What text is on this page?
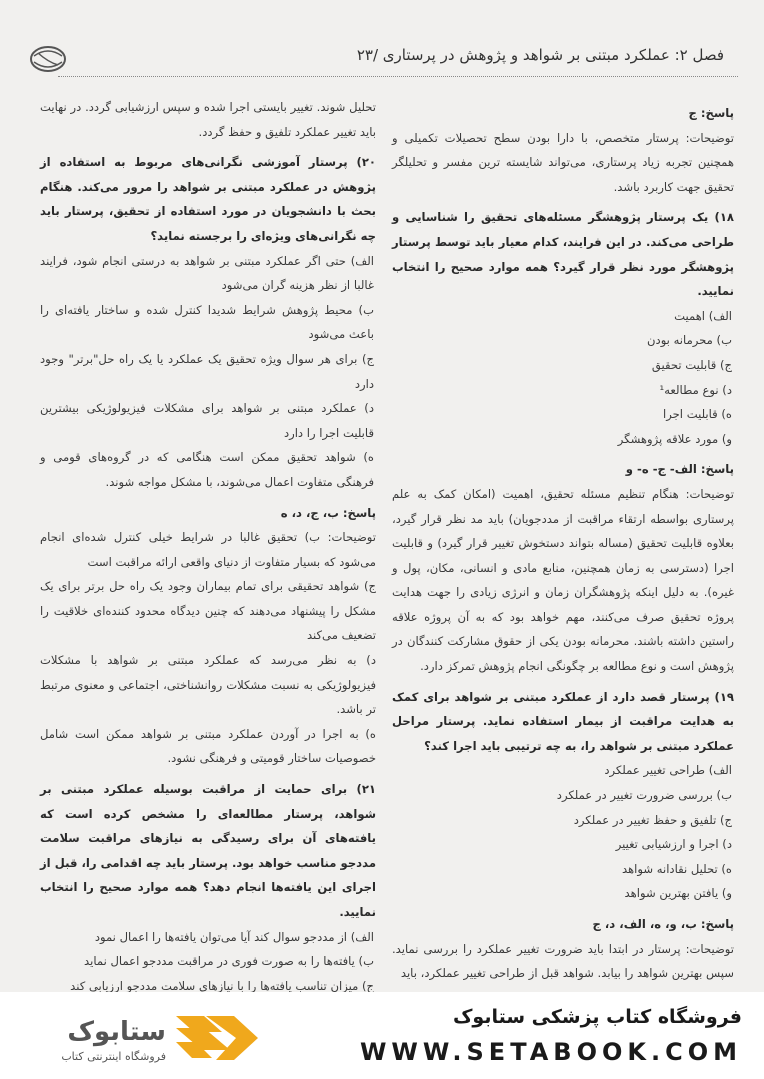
فصل ۲: عملکرد مبتنی بر شواهد و پژوهش در پرستاری /۲۳

پاسخ: ج

توضیحات: پرستار متخصص، با دارا بودن سطح تحصیلات تکمیلی و همچنین تجربه زیاد پرستاری، می‌تواند شایسته ترین مفسر و تحلیلگر تحقیق جهت کاربرد باشد.

۱۸) یک پرستار پژوهشگر مسئله‌های تحقیق را شناسایی و طراحی می‌کند. در این فرایند، کدام معیار باید توسط پرستار پژوهشگر مورد نظر قرار گیرد؟ همه موارد صحیح را انتخاب نمایید.

الف) اهمیت

ب) محرمانه بودن

ج) قابلیت تحقیق

د) نوع مطالعه¹

ه) قابلیت اجرا

و) مورد علاقه پژوهشگر

پاسخ: الف- ج- ه- و

توضیحات: هنگام تنظیم مسئله تحقیق، اهمیت (امکان کمک به علم پرستاری بواسطه ارتقاء مراقبت از مددجویان) باید مد نظر قرار گیرد، بعلاوه قابلیت تحقیق (مساله بتواند دستخوش تغییر قرار گیرد) و قابلیت اجرا (دسترسی به زمان همچنین، منابع مادی و انسانی، مکان، پول و غیره). به دلیل اینکه پژوهشگران زمان و انرژی زیادی را جهت هدایت پروژه تحقیق صرف می‌کنند، مهم خواهد بود که به آن پروژه علاقه راستین داشته باشند. محرمانه بودن یکی از حقوق مشارکت کنندگان در پژوهش است و نوع مطالعه بر چگونگی انجام پژوهش تمرکز دارد.

۱۹) پرستار قصد دارد از عملکرد مبتنی بر شواهد برای کمک به هدایت مراقبت از بیمار استفاده نماید. پرستار مراحل عملکرد مبتنی بر شواهد را، به چه ترتیبی باید اجرا کند؟

الف) طراحی تغییر عملکرد

ب) بررسی ضرورت تغییر در عملکرد

ج) تلفیق و حفظ تغییر در عملکرد

د) اجرا و ارزشیابی تغییر

ه) تحلیل نقادانه شواهد

و) یافتن بهترین شواهد

پاسخ: ب، و، ه، الف، د، ج

توضیحات: پرستار در ابتدا باید ضرورت تغییر عملکرد را بررسی نماید. سپس بهترین شواهد را بیابد. شواهد قبل از طراحی تغییر عملکرد، باید

تحلیل شوند. تغییر بایستی اجرا شده و سپس ارزشیابی گردد. در نهایت باید تغییر عملکرد تلفیق و حفظ گردد.

۲۰) پرستار آموزشی نگرانی‌های مربوط به استفاده از پژوهش در عملکرد مبتنی بر شواهد را مرور می‌کند. هنگام بحث با دانشجویان در مورد استفاده از تحقیق، پرستار باید چه نگرانی‌های ویژه‌ای را برجسته نماید؟

الف) حتی اگر عملکرد مبتنی بر شواهد به درستی انجام شود، فرایند غالبا از نظر هزینه گران می‌شود

ب) محیط پژوهش شرایط شدیدا کنترل شده و ساختار یافته‌ای را باعث می‌شود

ج) برای هر سوال ویژه تحقیق یک عملکرد یا یک راه حل"برتر" وجود دارد

د) عملکرد مبتنی بر شواهد برای مشکلات فیزیولوژیکی بیشترین قابلیت اجرا را دارد

ه) شواهد تحقیق ممکن است هنگامی که در گروه‌های قومی و فرهنگی متفاوت اعمال می‌شوند، با مشکل مواجه شوند.

پاسخ: ب، ج، د، ه

توضیحات: ب) تحقیق غالبا در شرایط خیلی کنترل شده‌ای انجام می‌شود که بسیار متفاوت از دنیای واقعی ارائه مراقبت است

ج) شواهد تحقیقی برای تمام بیماران وجود یک راه حل برتر برای یک مشکل را پیشنهاد می‌دهند که چنین دیدگاه محدود کننده‌ای خلاقیت را تضعیف می‌کند

د) به نظر می‌رسد که عملکرد مبتنی بر شواهد با مشکلات فیزیولوژیکی به نسبت مشکلات روانشناختی، اجتماعی و معنوی مرتبط تر باشد.

ه) به اجرا در آوردن عملکرد مبتنی بر شواهد ممکن است شامل خصوصیات ساختار قومیتی و فرهنگی نشود.

۲۱) برای حمایت از مراقبت بوسیله عملکرد مبتنی بر شواهد، پرستار مطالعه‌ای را مشخص کرده است که یافته‌های آن برای رسیدگی به نیازهای مراقبت سلامت مددجو مناسب خواهد بود. پرستار باید چه اقدامی را، قبل از اجرای این یافته‌ها انجام دهد؟ همه موارد صحیح را انتخاب نمایید.

الف) از مددجو سوال کند آیا می‌توان یافته‌ها را اعمال نمود

ب) یافته‌ها را به صورت فوری در مراقبت مددجو اعمال نماید

ج) میزان تناسب یافته‌ها را با نیازهای سلامت مددجو ارزیابی کند

ستابوک
فروشگاه اینترنتی کتاب
فروشگاه کتاب پزشکی ستابوک
WWW.SETABOOK.COM
